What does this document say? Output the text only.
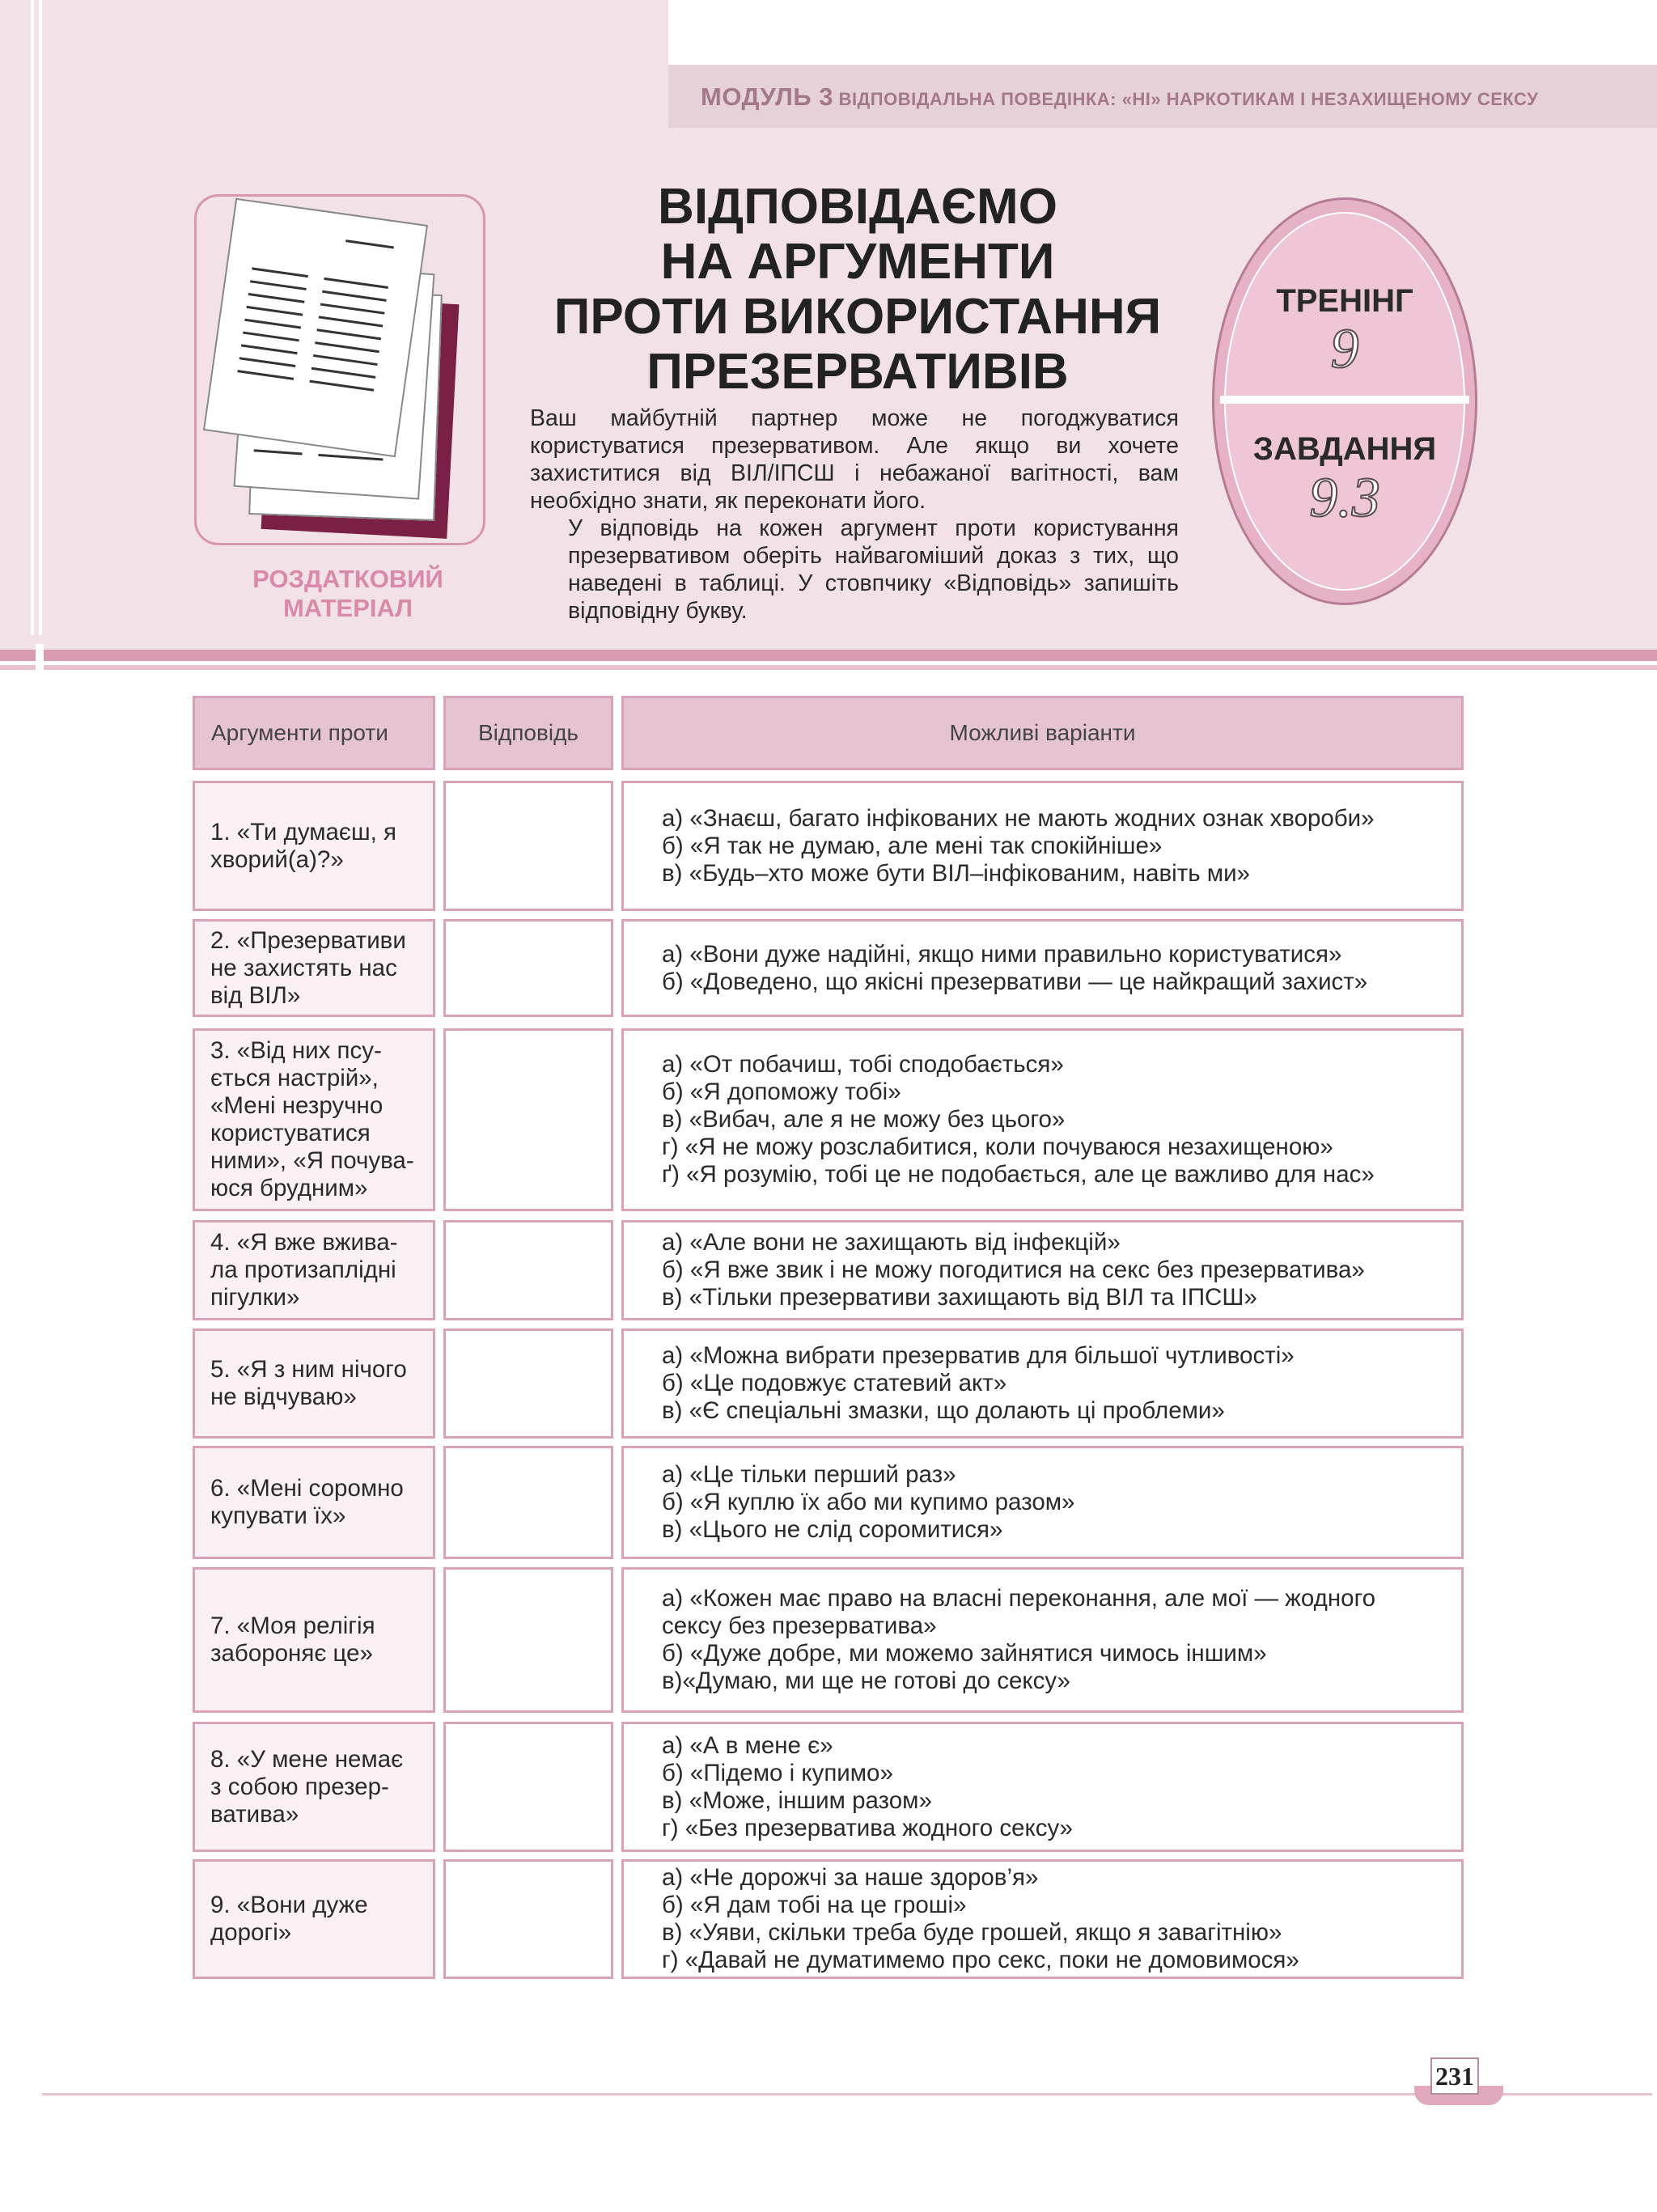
МОДУЛЬ 3 ВІДПОВІДАЛЬНА ПОВЕДІНКА: «НІ» НАРКОТИКАМ І НЕЗАХИЩЕНОМУ СЕКСУ
РОЗДАТКОВИЙ
МАТЕРІАЛ
ВІДПОВІДАЄМО
НА АРГУМЕНТИ
ПРОТИ ВИКОРИСТАННЯ
ПРЕЗЕРВАТИВІВ

Ваш майбутній партнер може не погоджуватися користуватися презервативом. Але якщо ви хочете захиститися від ВІЛ/ІПСШ і небажаної вагітності, вам необхідно знати, як переконати його.

У відповідь на кожен аргумент проти користування презервативом оберіть найвагоміший доказ з тих, що наведені в таблиці. У стовпчику «Відповідь» запишіть відповідну букву.

ТРЕНІНГ
9
ЗАВДАННЯ
9.3
Аргументи проти	Відповідь	Можливі варіанти
1. «Ти думаєш, я
хворий(а)?»
а) «Знаєш, багато інфікованих не мають жодних ознак хвороби»
б) «Я так не думаю, але мені так спокійніше»
в) «Будь–хто може бути ВІЛ–інфікованим, навіть ми»
2. «Презервативи
не захистять нас
від ВІЛ»
а) «Вони дуже надійні, якщо ними правильно користуватися»
б) «Доведено, що якісні презервативи — це найкращий захист»
3. «Від них псу-
ється настрій»,
«Мені незручно
користуватися
ними», «Я почува-
юся брудним»
а) «От побачиш, тобі сподобається»
б) «Я допоможу тобі»
в) «Вибач, але я не можу без цього»
г) «Я не можу розслабитися, коли почуваюся незахищеною»
ґ) «Я розумію, тобі це не подобається, але це важливо для нас»
4. «Я вже вжива-
ла протизаплідні
пігулки»
а) «Але вони не захищають від інфекцій»
б) «Я вже звик і не можу погодитися на секс без презерватива»
в) «Тільки презервативи захищають від ВІЛ та ІПСШ»
5. «Я з ним нічого
не відчуваю»
а) «Можна вибрати презерватив для більшої чутливості»
б) «Це подовжує статевий акт»
в) «Є спеціальні змазки, що долають ці проблеми»
6. «Мені соромно
купувати їх»
а) «Це тільки перший раз»
б) «Я куплю їх або ми купимо разом»
в) «Цього не слід соромитися»
7. «Моя релігія
забороняє це»
а) «Кожен має право на власні переконання, але мої — жодного
сексу без презерватива»
б) «Дуже добре, ми можемо зайнятися чимось іншим»
в)«Думаю, ми ще не готові до сексу»
8. «У мене немає
з собою презер-
ватива»
а) «А в мене є»
б) «Підемо і купимо»
в) «Може, іншим разом»
г) «Без презерватива жодного сексу»
9. «Вони дуже
дорогі»
а) «Не дорожчі за наше здоров’я»
б) «Я дам тобі на це гроші»
в) «Уяви, скільки треба буде грошей, якщо я завагітнію»
г) «Давай не думатимемо про секс, поки не домовимося»
231
